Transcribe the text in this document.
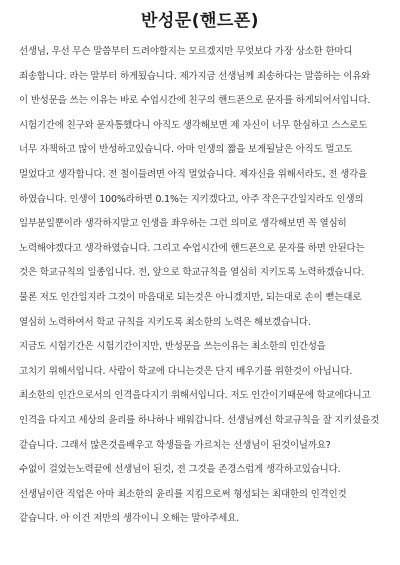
반성문(핸드폰)
선생님, 우선 무슨 말씀부터 드려야할지는 모르겠지만 무엇보다 가장 상소한 한마디
죄송합니다. 라는 말부터 하게됬습니다. 제가지금 선생님께 죄송하다는 말씀하는 이유와
이 반성문을 쓰는 이유는 바로 수업시간에 친구의 핸드폰으로 문자를 하게되어서입니다.
시험기간에 친구와 문자통했다니 아직도 생각해보면 제 자신이 너무 한심하고 스스로도
너무 자책하고 많이 반성하고있습니다. 아마 인생의 짧을 보게될날은 아직도 멀고도
멀었다고 생각합니다. 전 철이들려면 아직 멀었습니다. 제자신을 위해서라도, 전 생각을
하였습니다. 인생이 100%라하면 0.1%는 지키겠다고, 아주 작은구간일지라도 인생의
일부분일뿐이라 생각하지말고 인생을 좌우하는 그런 의미로 생각해보면 꼭 열심히
노력해야겠다고 생각하였습니다. 그리고 수업시간에 핸드폰으로 문자를 하면 안된다는
것은 학교규칙의 일종입니다. 전, 앞으로 학교규칙을 열심히 지키도록 노력하겠습니다.
물론 저도 인간일지라 그것이 마음대로 되는것은 아니겠지만, 되는대로 손이 뻗는대로
열심히 노력하여서 학교 규칙을 지키도록 최소한의 노력은 해보겠습니다.
지금도 시험기간은 시험기간이지만, 반성문을 쓰는이유는 최소한의 인간성을
고치기 위해서입니다. 사람이 학교에 다니는것은 단지 배우기를 위한것이 아닙니다.
최소한의 인간으로서의 인격을다지기 위해서입니다. 저도 인간이기때문에 학교에다니고
인격을 다지고 세상의 윤리를 하나하나 배워갑니다. 선생님께선 학교규칙을 잘 지키셨을것
같습니다. 그래서 많은것을배우고 학생들을 가르치는 선생님이 된것이닐까요?
수없이 걸었는노력끝에 선생님이 된것, 전 그것을 존경스럽게 생각하고있습니다.
선생님이란 직업은 아마 최소한의 윤리를 지킴으로써 형성되는 최대한의 인격인것
같습니다. 아 이건 저만의 생각이니 오해는 말아주세요.
